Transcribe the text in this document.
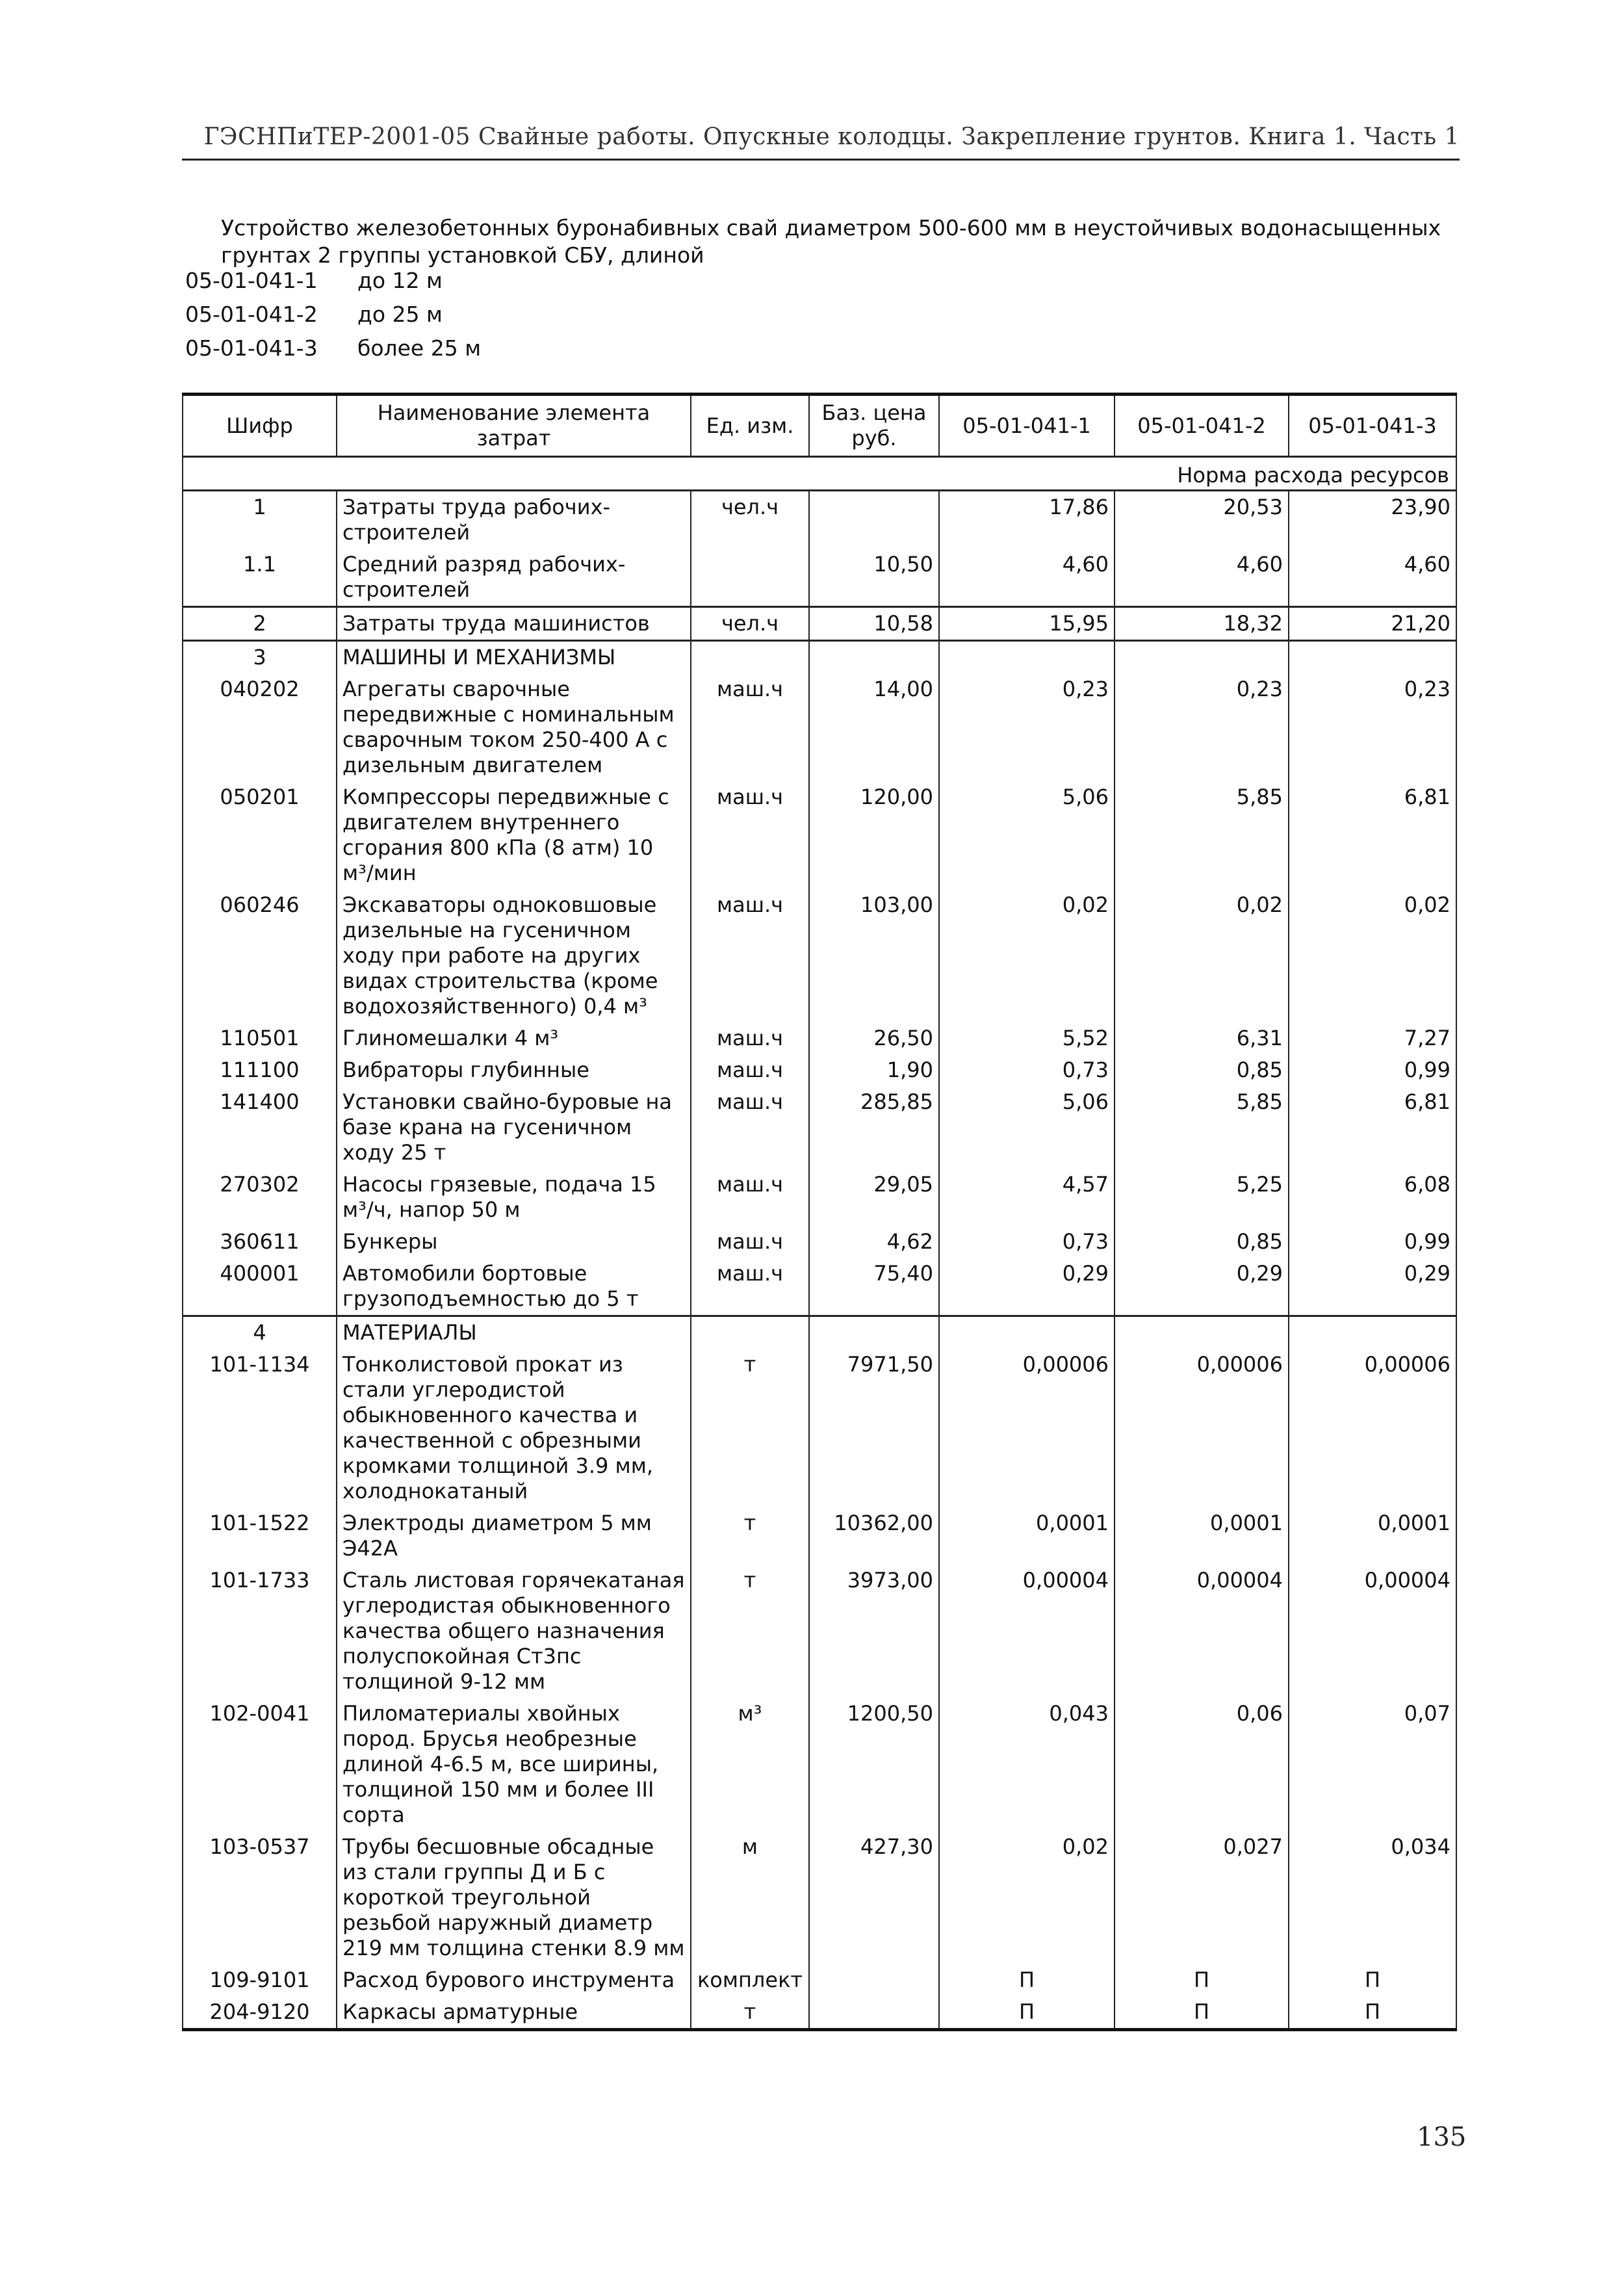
ГЭСНПиТЕР-2001-05 Свайные работы. Опускные колодцы. Закрепление грунтов. Книга 1. Часть 1
Устройство железобетонных буронабивных свай диаметром 500-600 мм в неустойчивых водонасыщенных грунтах 2 группы установкой СБУ, длиной
05-01-041-1	до 12 м
05-01-041-2	до 25 м
05-01-041-3	более 25 м
Шифр	Наименование элемента затрат	Ед. изм.	Баз. цена руб.	05-01-041-1	05-01-041-2	05-01-041-3
Норма расхода ресурсов						
1	Затраты труда рабочих-строителей	чел.ч		17,86	20,53	23,90
1.1	Средний разряд рабочих-строителей		10,50	4,60	4,60	4,60
2	Затраты труда машинистов	чел.ч	10,58	15,95	18,32	21,20
3	МАШИНЫ И МЕХАНИЗМЫ					
040202	Агрегаты сварочные передвижные с номинальным сварочным током 250-400 А с дизельным двигателем	маш.ч	14,00	0,23	0,23	0,23
050201	Компрессоры передвижные с двигателем внутреннего сгорания 800 кПа (8 атм) 10 м³/мин	маш.ч	120,00	5,06	5,85	6,81
060246	Экскаваторы одноковшовые дизельные на гусеничном ходу при работе на других видах строительства (кроме водохозяйственного) 0,4 м³	маш.ч	103,00	0,02	0,02	0,02
110501	Глиномешалки 4 м³	маш.ч	26,50	5,52	6,31	7,27
111100	Вибраторы глубинные	маш.ч	1,90	0,73	0,85	0,99
141400	Установки свайно-буровые на базе крана на гусеничном ходу 25 т	маш.ч	285,85	5,06	5,85	6,81
270302	Насосы грязевые, подача 15 м³/ч, напор 50 м	маш.ч	29,05	4,57	5,25	6,08
360611	Бункеры	маш.ч	4,62	0,73	0,85	0,99
400001	Автомобили бортовые грузоподъемностью до 5 т	маш.ч	75,40	0,29	0,29	0,29
4	МАТЕРИАЛЫ					
101-1134	Тонколистовой прокат из стали углеродистой обыкновенного качества и качественной с обрезными кромками толщиной 3.9 мм, холоднокатаный	т	7971,50	0,00006	0,00006	0,00006
101-1522	Электроды диаметром 5 мм Э42А	т	10362,00	0,0001	0,0001	0,0001
101-1733	Сталь листовая горячекатаная углеродистая обыкновенного качества общего назначения полуспокойная Ст3пс толщиной 9-12 мм	т	3973,00	0,00004	0,00004	0,00004
102-0041	Пиломатериалы хвойных пород. Брусья необрезные длиной 4-6.5 м, все ширины, толщиной 150 мм и более III сорта	м³	1200,50	0,043	0,06	0,07
103-0537	Трубы бесшовные обсадные из стали группы Д и Б с короткой треугольной резьбой наружный диаметр 219 мм толщина стенки 8.9 мм	м	427,30	0,02	0,027	0,034
109-9101	Расход бурового инструмента	комплект		П	П	П
204-9120	Каркасы арматурные	т		П	П	П
135
